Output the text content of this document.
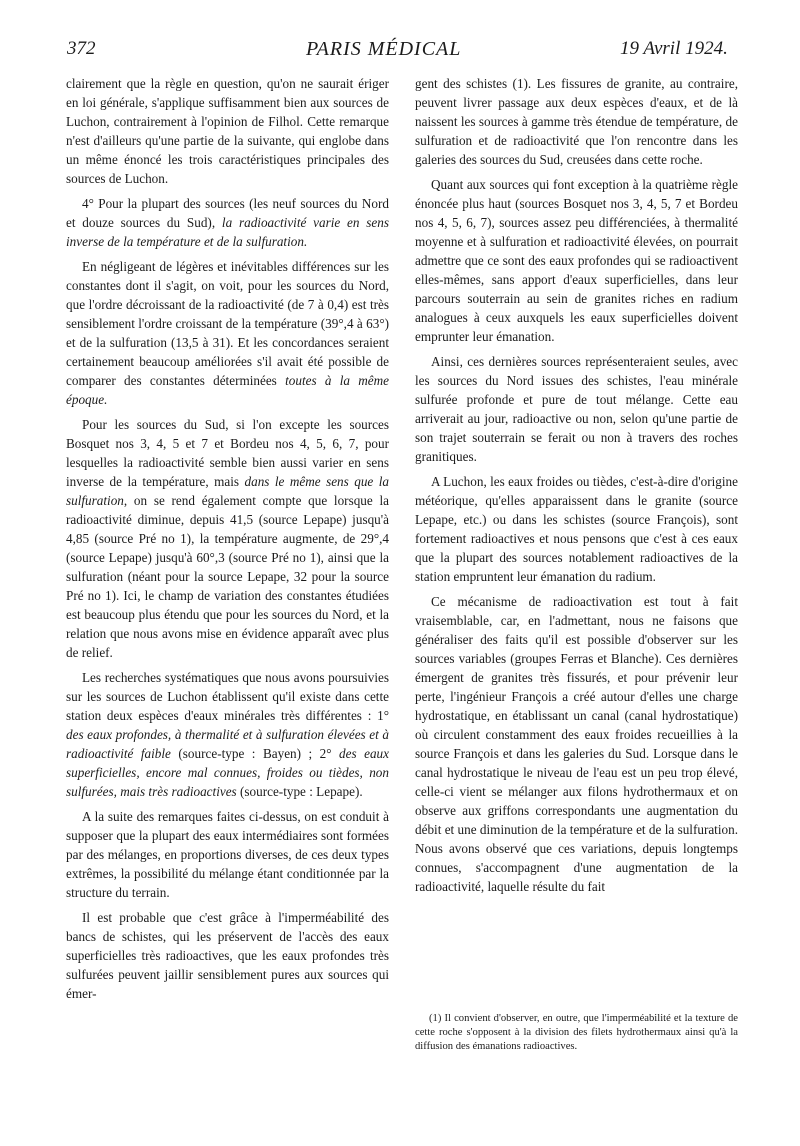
372	PARIS MÉDICAL	19 Avril 1924.

clairement que la règle en question, qu'on ne saurait ériger en loi générale, s'applique suffisamment bien aux sources de Luchon, contrairement à l'opinion de Filhol. Cette remarque n'est d'ailleurs qu'une partie de la suivante, qui englobe dans un même énoncé les trois caractéristiques principales des sources de Luchon.

4° Pour la plupart des sources (les neuf sources du Nord et douze sources du Sud), la radioactivité varie en sens inverse de la température et de la sulfuration.

En négligeant de légères et inévitables différences sur les constantes dont il s'agit, on voit, pour les sources du Nord, que l'ordre décroissant de la radioactivité (de 7 à 0,4) est très sensiblement l'ordre croissant de la température (39°,4 à 63°) et de la sulfuration (13,5 à 31). Et les concordances seraient certainement beaucoup améliorées s'il avait été possible de comparer des constantes déterminées toutes à la même époque.

Pour les sources du Sud, si l'on excepte les sources Bosquet nos 3, 4, 5 et 7 et Bordeu nos 4, 5, 6, 7, pour lesquelles la radioactivité semble bien aussi varier en sens inverse de la température, mais dans le même sens que la sulfuration, on se rend également compte que lorsque la radioactivité diminue, depuis 41,5 (source Lepape) jusqu'à 4,85 (source Pré no 1), la température augmente, de 29°,4 (source Lepape) jusqu'à 60°,3 (source Pré no 1), ainsi que la sulfuration (néant pour la source Lepape, 32 pour la source Pré no 1). Ici, le champ de variation des constantes étudiées est beaucoup plus étendu que pour les sources du Nord, et la relation que nous avons mise en évidence apparaît avec plus de relief.

Les recherches systématiques que nous avons poursuivies sur les sources de Luchon établissent qu'il existe dans cette station deux espèces d'eaux minérales très différentes : 1° des eaux profondes, à thermalité et à sulfuration élevées et à radioactivité faible (source-type : Bayen) ; 2° des eaux superficielles, encore mal connues, froides ou tièdes, non sulfurées, mais très radioactives (source-type : Lepape).

A la suite des remarques faites ci-dessus, on est conduit à supposer que la plupart des eaux intermédiaires sont formées par des mélanges, en proportions diverses, de ces deux types extrêmes, la possibilité du mélange étant conditionnée par la structure du terrain.

Il est probable que c'est grâce à l'imperméabilité des bancs de schistes, qui les préservent de l'accès des eaux superficielles très radioactives, que les eaux profondes très sulfurées peuvent jaillir sensiblement pures aux sources qui émer-

gent des schistes (1). Les fissures de granite, au contraire, peuvent livrer passage aux deux espèces d'eaux, et de là naissent les sources à gamme très étendue de température, de sulfuration et de radioactivité que l'on rencontre dans les galeries des sources du Sud, creusées dans cette roche.

Quant aux sources qui font exception à la quatrième règle énoncée plus haut (sources Bosquet nos 3, 4, 5, 7 et Bordeu nos 4, 5, 6, 7), sources assez peu différenciées, à thermalité moyenne et à sulfuration et radioactivité élevées, on pourrait admettre que ce sont des eaux profondes qui se radioactivent elles-mêmes, sans apport d'eaux superficielles, dans leur parcours souterrain au sein de granites riches en radium analogues à ceux auxquels les eaux superficielles doivent emprunter leur émanation.

Ainsi, ces dernières sources représenteraient seules, avec les sources du Nord issues des schistes, l'eau minérale sulfurée profonde et pure de tout mélange. Cette eau arriverait au jour, radioactive ou non, selon qu'une partie de son trajet souterrain se ferait ou non à travers des roches granitiques.

A Luchon, les eaux froides ou tièdes, c'est-à-dire d'origine météorique, qu'elles apparaissent dans le granite (source Lepape, etc.) ou dans les schistes (source François), sont fortement radioactives et nous pensons que c'est à ces eaux que la plupart des sources notablement radioactives de la station empruntent leur émanation du radium.

Ce mécanisme de radioactivation est tout à fait vraisemblable, car, en l'admettant, nous ne faisons que généraliser des faits qu'il est possible d'observer sur les sources variables (groupes Ferras et Blanche). Ces dernières émergent de granites très fissurés, et pour prévenir leur perte, l'ingénieur François a créé autour d'elles une charge hydrostatique, en établissant un canal (canal hydrostatique) où circulent constamment des eaux froides recueillies à la source François et dans les galeries du Sud. Lorsque dans le canal hydrostatique le niveau de l'eau est un peu trop élevé, celle-ci vient se mélanger aux filons hydrothermaux et on observe aux griffons correspondants une augmentation du débit et une diminution de la température et de la sulfuration. Nous avons observé que ces variations, depuis longtemps connues, s'accompagnent d'une augmentation de la radioactivité, laquelle résulte du fait

(1) Il convient d'observer, en outre, que l'imperméabilité et la texture de cette roche s'opposent à la division des filets hydrothermaux ainsi qu'à la diffusion des émanations radioactives.
